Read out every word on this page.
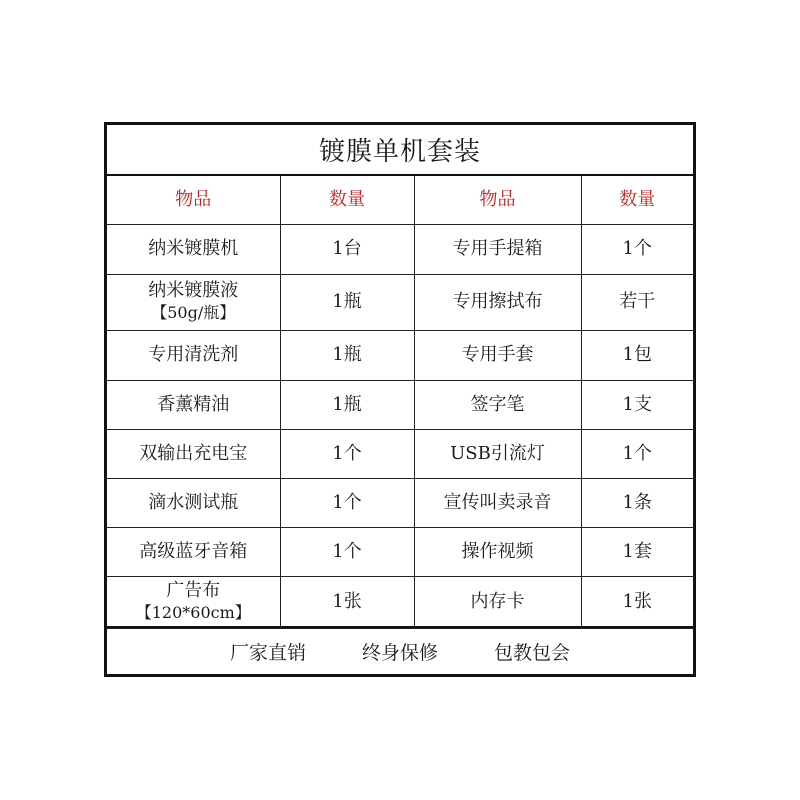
镀膜单机套装
物品	数量	物品	数量

纳米镀膜机	1台	专用手提箱	1个

纳米镀膜液
【50g/瓶】	1瓶	专用擦拭布	若干

专用清洗剂	1瓶	专用手套	1包

香薰精油	1瓶	签字笔	1支

双输出充电宝	1个	USB引流灯	1个

滴水测试瓶	1个	宣传叫卖录音	1条

高级蓝牙音箱	1个	操作视频	1套

广告布
【120*60cm】	1张	内存卡	1张
厂家直销	终身保修	包教包会
